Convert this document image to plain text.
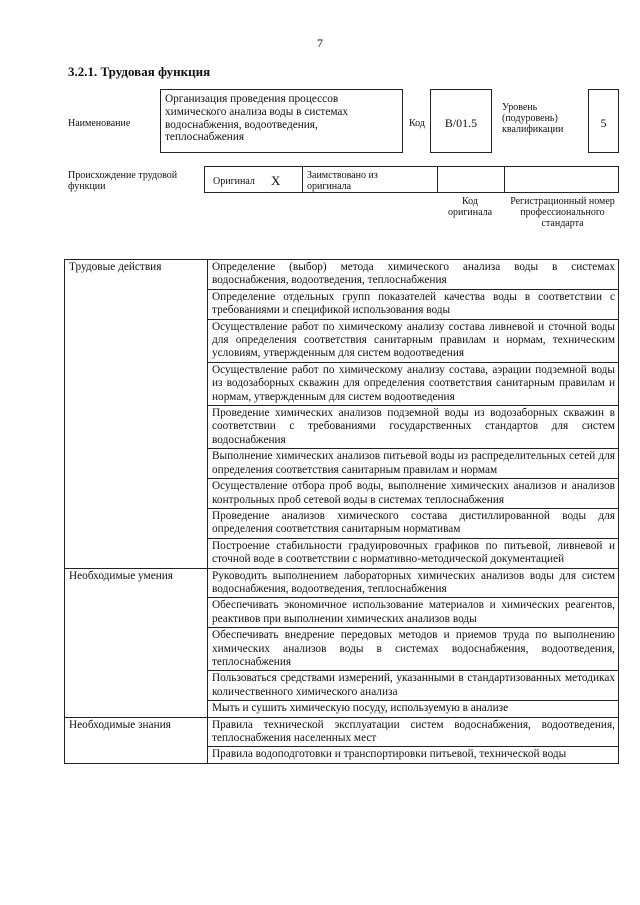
7
3.2.1. Трудовая функция
Наименование
Организация проведения процессов химического анализа воды в системах водоснабжения, водоотведения, теплоснабжения
Код	B/01.5
Уровень (подуровень) квалификации	5
Происхождение трудовой функции	Оригинал X	Заимствовано из оригинала
Код оригинала
Регистрационный номер профессионального стандарта
Трудовые действия	Определение (выбор) метода химического анализа воды в системах водоснабжения, водоотведения, теплоснабжения
	Определение отдельных групп показателей качества воды в соответствии с требованиями и спецификой использования воды
	Осуществление работ по химическому анализу состава ливневой и сточной воды для определения соответствия санитарным правилам и нормам, техническим условиям, утвержденным для систем водоотведения
	Осуществление работ по химическому анализу состава, аэрации подземной воды из водозаборных скважин для определения соответствия санитарным правилам и нормам, утвержденным для систем водоотведения
	Проведение химических анализов подземной воды из водозаборных скважин в соответствии с требованиями государственных стандартов для систем водоснабжения
	Выполнение химических анализов питьевой воды из распределительных сетей для определения соответствия санитарным правилам и нормам
	Осуществление отбора проб воды, выполнение химических анализов и анализов контрольных проб сетевой воды в системах теплоснабжения
	Проведение анализов химического состава дистиллированной воды для определения соответствия санитарным нормативам
	Построение стабильности градуировочных графиков по питьевой, ливневой и сточной воде в соответствии с нормативно-методической документацией
Необходимые умения	Руководить выполнением лабораторных химических анализов воды для систем водоснабжения, водоотведения, теплоснабжения
	Обеспечивать экономичное использование материалов и химических реагентов, реактивов при выполнении химических анализов воды
	Обеспечивать внедрение передовых методов и приемов труда по выполнению химических анализов воды в системах водоснабжения, водоотведения, теплоснабжения
	Пользоваться средствами измерений, указанными в стандартизованных методиках количественного химического анализа
	Мыть и сушить химическую посуду, используемую в анализе
Необходимые знания	Правила технической эксплуатации систем водоснабжения, водоотведения, теплоснабжения населенных мест
	Правила водоподготовки и транспортировки питьевой, технической воды
